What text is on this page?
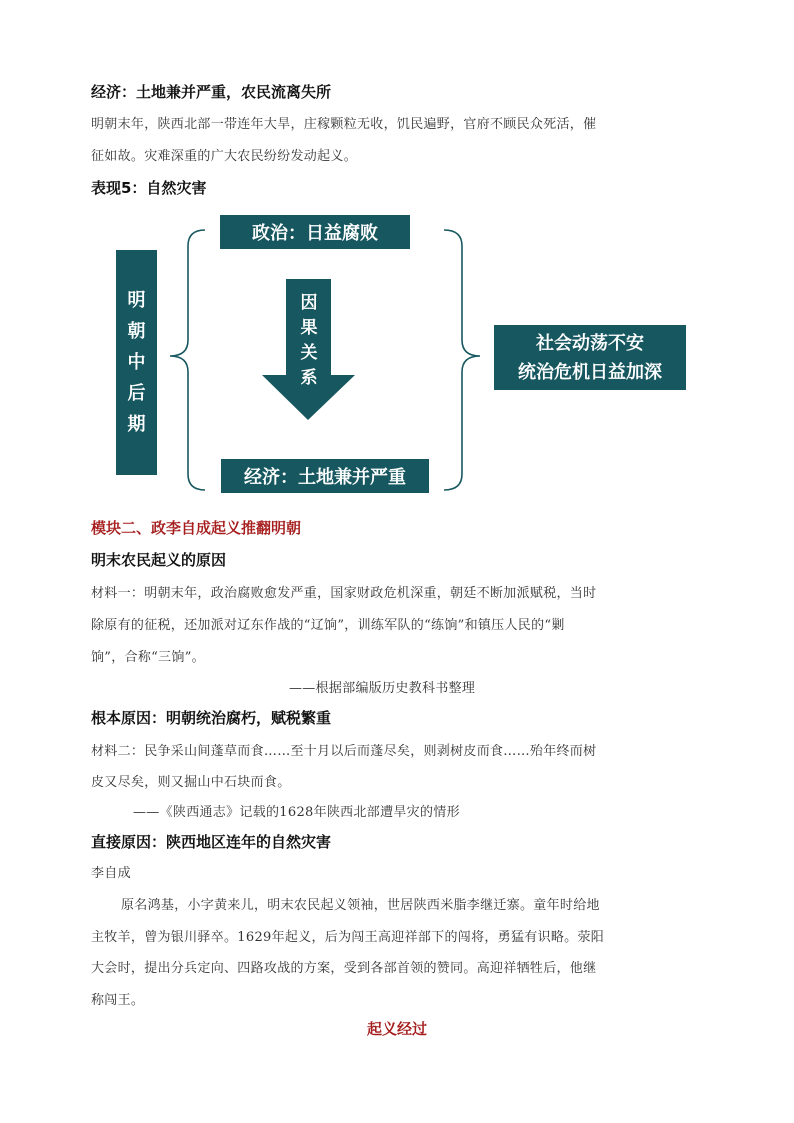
经济：土地兼并严重，农民流离失所
明朝末年，陕西北部一带连年大旱，庄稼颗粒无收，饥民遍野，官府不顾民众死活，催
征如故。灾难深重的广大农民纷纷发动起义。
表现5：自然灾害
明
朝
中
后
期
政治：日益腐败
因
果
关
系
经济：土地兼并严重
社会动荡不安
统治危机日益加深
模块二、政李自成起义推翻明朝
明末农民起义的原因
材料一：明朝末年，政治腐败愈发严重，国家财政危机深重，朝廷不断加派赋税，当时
除原有的征税，还加派对辽东作战的“辽饷”，训练军队的“练饷”和镇压人民的“剿
饷”，合称“三饷”。
——根据部编版历史教科书整理
根本原因：明朝统治腐朽，赋税繁重
材料二：民争采山间蓬草而食……至十月以后而蓬尽矣，则剥树皮而食……殆年终而树
皮又尽矣，则又掘山中石块而食。
——《陕西通志》记载的1628年陕西北部遭旱灾的情形
直接原因：陕西地区连年的自然灾害
李自成
原名鸿基，小字黄来儿，明末农民起义领袖，世居陕西米脂李继迁寨。童年时给地
主牧羊，曾为银川驿卒。1629年起义，后为闯王高迎祥部下的闯将，勇猛有识略。荥阳
大会时，提出分兵定向、四路攻战的方案，受到各部首领的赞同。高迎祥牺牲后，他继
称闯王。
起义经过
